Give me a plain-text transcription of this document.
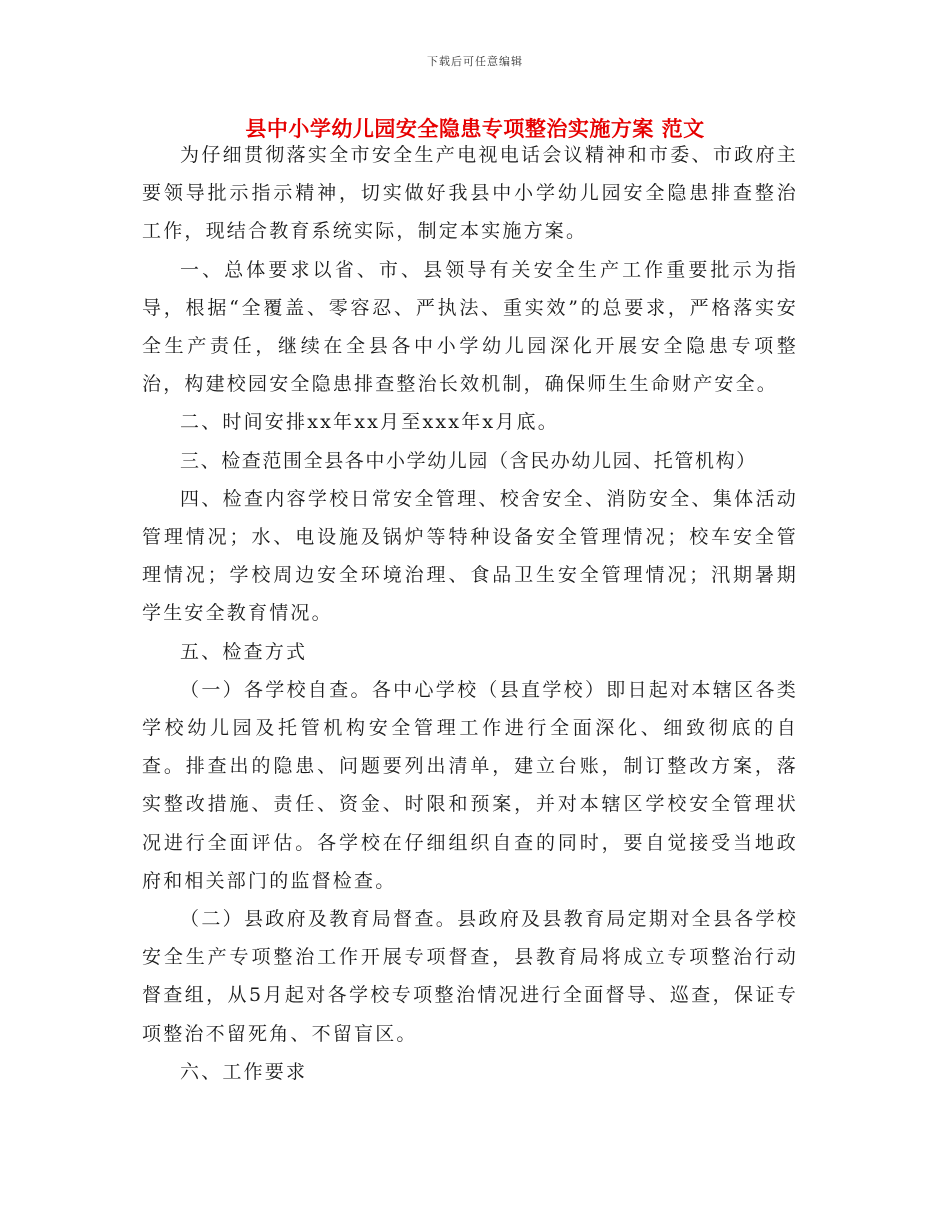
下载后可任意编辑
县中小学幼儿园安全隐患专项整治实施方案 范文

为仔细贯彻落实全市安全生产电视电话会议精神和市委、市政府主要领导批示指示精神，切实做好我县中小学幼儿园安全隐患排查整治工作，现结合教育系统实际，制定本实施方案。

一、总体要求以省、市、县领导有关安全生产工作重要批示为指导，根据“全覆盖、零容忍、严执法、重实效”的总要求，严格落实安全生产责任，继续在全县各中小学幼儿园深化开展安全隐患专项整治，构建校园安全隐患排查整治长效机制，确保师生生命财产安全。

二、时间安排xx年xx月至xxx年x月底。

三、检查范围全县各中小学幼儿园（含民办幼儿园、托管机构）

四、检查内容学校日常安全管理、校舍安全、消防安全、集体活动管理情况；水、电设施及锅炉等特种设备安全管理情况；校车安全管理情况；学校周边安全环境治理、食品卫生安全管理情况；汛期暑期学生安全教育情况。

五、检查方式

（一）各学校自查。各中心学校（县直学校）即日起对本辖区各类学校幼儿园及托管机构安全管理工作进行全面深化、细致彻底的自查。排查出的隐患、问题要列出清单，建立台账，制订整改方案，落实整改措施、责任、资金、时限和预案，并对本辖区学校安全管理状况进行全面评估。各学校在仔细组织自查的同时，要自觉接受当地政府和相关部门的监督检查。

（二）县政府及教育局督查。县政府及县教育局定期对全县各学校安全生产专项整治工作开展专项督查，县教育局将成立专项整治行动督查组，从5月起对各学校专项整治情况进行全面督导、巡查，保证专项整治不留死角、不留盲区。

六、工作要求
